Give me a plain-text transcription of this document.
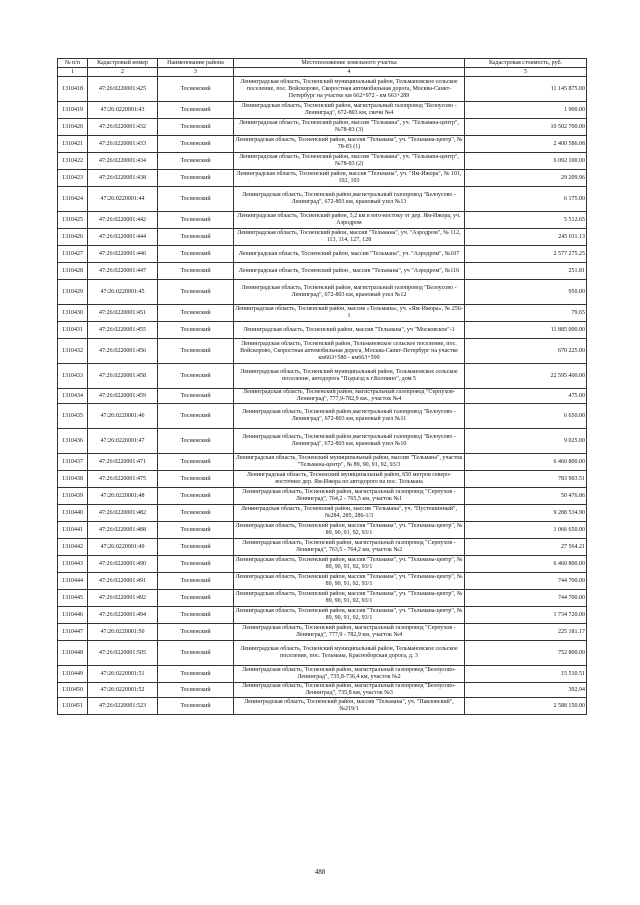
№ п/п	Кадастровый номер	Наименование района	Местоположение земельного участка	Кадастровая стоимость, руб.
1	2	3	4	5
1310418	47:26:0220001:425	Тосненский	Ленинградская область, Тосненский муниципальный район, Тельмановское сельское поселение, пос. Войскорово, Скоростная автомобильная дорога, Москва-Санкт-Петербург на участке км 662+972 - км 663+289	11 145 875.00
1310419	47:26:0220001:43	Тосненский	Ленинградская область, Тосненский район, магистральный газопровод "Белоусово - Ленинград", 672-803 км, свечи №4	1 900.00
1310420	47:26:0220001:432	Тосненский	Ленинградская область, Тосненский район, массив "Тельмана", уч. "Тельмана-центр", №78-83 (3)	10 502 700.00
1310421	47:26:0220001:433	Тосненский	Ленинградская область, Тосненский район, массив "Тельмана", уч. "Тельмана-центр", № 78-83 (1)	2 400 586.08
1310422	47:26:0220001:434	Тосненский	Ленинградская область, Тосненский район, массив "Тельмана", уч. "Тельмана-центр", №78-83 (2)	6 092 100.00
1310423	47:26:0220001:438	Тосненский	Ленинградская область, Тосненский район, массив "Тельмана", уч. "Ям-Ижора", № 101, 102, 103	29 209.96
1310424	47:26:0220001:44	Тосненский	Ленинградская область, Тосненский район,магистральный газопровод "Белоусово - Ленинград", 672-803 км, крановый узел №13	6 175.00
1310425	47:26:0220001:442	Тосненский	Ленинградская область, Тосненский район, 3,2 км в юго-востоку от дер. Ям-Ижора, уч. Аэродром	5 512.65
1310426	47:26:0220001:444	Тосненский	Ленинградская область, Тосненский район, массив "Тельмана", уч. "Аэродром", № 112, 113, 114, 127, 128	245 011.13
1310427	47:26:0220001:446	Тосненский	Ленинградская область, Тосненский район, массив "Тельмана", уч. "Аэродром", №107	2 577 275.25
1310428	47:26:0220001:447	Тосненский	Ленинградская область, Тосненский район , массив "Тельмана", уч "Аэродром", №116	251.81
1310429	47:26:0220001:45	Тосненский	Ленинградская область, Тосненский район, магистральный газопровод "Белоусово - Ленинград", 672-803 км, крановый узел №12	950.00
1310430	47:26:0220001:451	Тосненский	Ленинградская область, Тосненский район, массив «Тельмана», уч. «Ям-Ижора», № 256-1	79.65
1310431	47:26:0220001:455	Тосненский	Ленинградская область, Тосненский район, массив "Тельмана", уч "Московское"-1	11 885 000.00
1310432	47:26:0220001:456	Тосненский	Ленинградская область, Тосненский район, Тельмановское сельское поселение, пос. Войскорово, Скоростная автомобильная дорога, Москва-Санкт-Петербург на участке км663+580 - км663+590	670 225.00
1310433	47:26:0220001:458	Тосненский	Ленинградская область, Тосненский муниципальный район, Тельмановское сельское поселение, автодорога "Подъезд к г.Колпино", дом 5	22 595 400.00
1310434	47:26:0220001:459	Тосненский	Ленинградская область, Тосненский район, магистральный газопровод "Серпухов-Ленинград", 777,9-782,9 км., участок №4	475.00
1310435	47:26:0220001:46	Тосненский	Ленинградская область, Тосненский район,магистральный газопровод "Белоусово - Ленинград", 672-803 км, крановый узел №11	6 650.00
1310436	47:26:0220001:47	Тосненский	Ленинградская область, Тосненский район,магистральный газопровод "Белоусово - Ленинград", 672-803 км, крановый узел №10	9 025.00
1310437	47:26:0220001:471	Тосненский	Ленинградская область, Тосненский муниципальный район, массив "Тельмана", участок "Тельмана-центр", № 89, 90, 91, 92, 93/3	6 460 800.00
1310438	47:26:0220001:475	Тосненский	Ленинградская область, Тосненский муниципальный район, 650 метров северо-восточнее дер. Ям-Ижора по автодороге на пос. Тельмана	783 903.51
1310439	47:26:0220001:48	Тосненский	Ленинградская область, Тосненский район, магистральный газопровод "Серпухов - Ленинград", 764,2 - 765,5 км, участок №1	50 476.86
1310440	47:26:0220001:482	Тосненский	Ленинградская область, Тосненский район, массив "Тельмана", уч. "Пустошинный", №284, 285, 286-1/3	9 288 534.90
1310441	47:26:0220001:488	Тосненский	Ленинградская область, Тосненский район, массив "Тельмана", уч. "Тельмана-центр", № 89, 90, 91, 92, 93/1	1 066 650.00
1310442	47:26:0220001:49	Тосненский	Ленинградская область, Тосненский район, магистральный газопровод "Серпухов - Ленинград", 763,5 - 764,2 км, участок №2	27 564.21
1310443	47:26:0220001:490	Тосненский	Ленинградская область, Тосненский район, массив "Тельмана", уч. "Тельмана-центр", № 89, 90, 91, 92, 93/1	6 460 800.00
1310444	47:26:0220001:491	Тосненский	Ленинградская область, Тосненский район, массив "Тельмана", уч. "Тельмана-центр", № 89, 90, 91, 92, 93/1	744 700.00
1310445	47:26:0220001:492	Тосненский	Ленинградская область, Тосненский район, массив "Тельмана", уч. "Тельмана-центр", № 89, 90, 91, 92, 93/1	744 700.00
1310446	47:26:0220001:494	Тосненский	Ленинградская область, Тосненский район, массив "Тельмана", уч. "Тельмана-центр", № 89, 90, 91, 92, 93/1	1 734 720.00
1310447	47:26:0220001:50	Тосненский	Ленинградская область, Тосненский район, магистральный газопровод "Серпухов - Ленинград", 777,9 - 782,9 км, участок №4	225 181.17
1310448	47:26:0220001:505	Тосненский	Ленинградская область, Тосненский муниципальный район, Тельмановское сельское поселение, пос. Тельмана, Красноборская дорога, д. 3	752 800.00
1310449	47:26:0220001:51	Тосненский	Ленинградская область, Тосненский район, магистральный газопровод "Белоусово-Ленинград", 735,8-736,4 км, участок №2	15 510.51
1310450	47:26:0220001:52	Тосненский	Ленинградская область, Тосненский район, магистральный газопровод "Белоусово-Ленинград", 735,8 км, участок №3	392.94
1310451	47:26:0220001:523	Тосненский	Ленинградская область, Тосненский район, массив "Тельмана", уч. "Павловский", №219/1	2 588 150.00
488
